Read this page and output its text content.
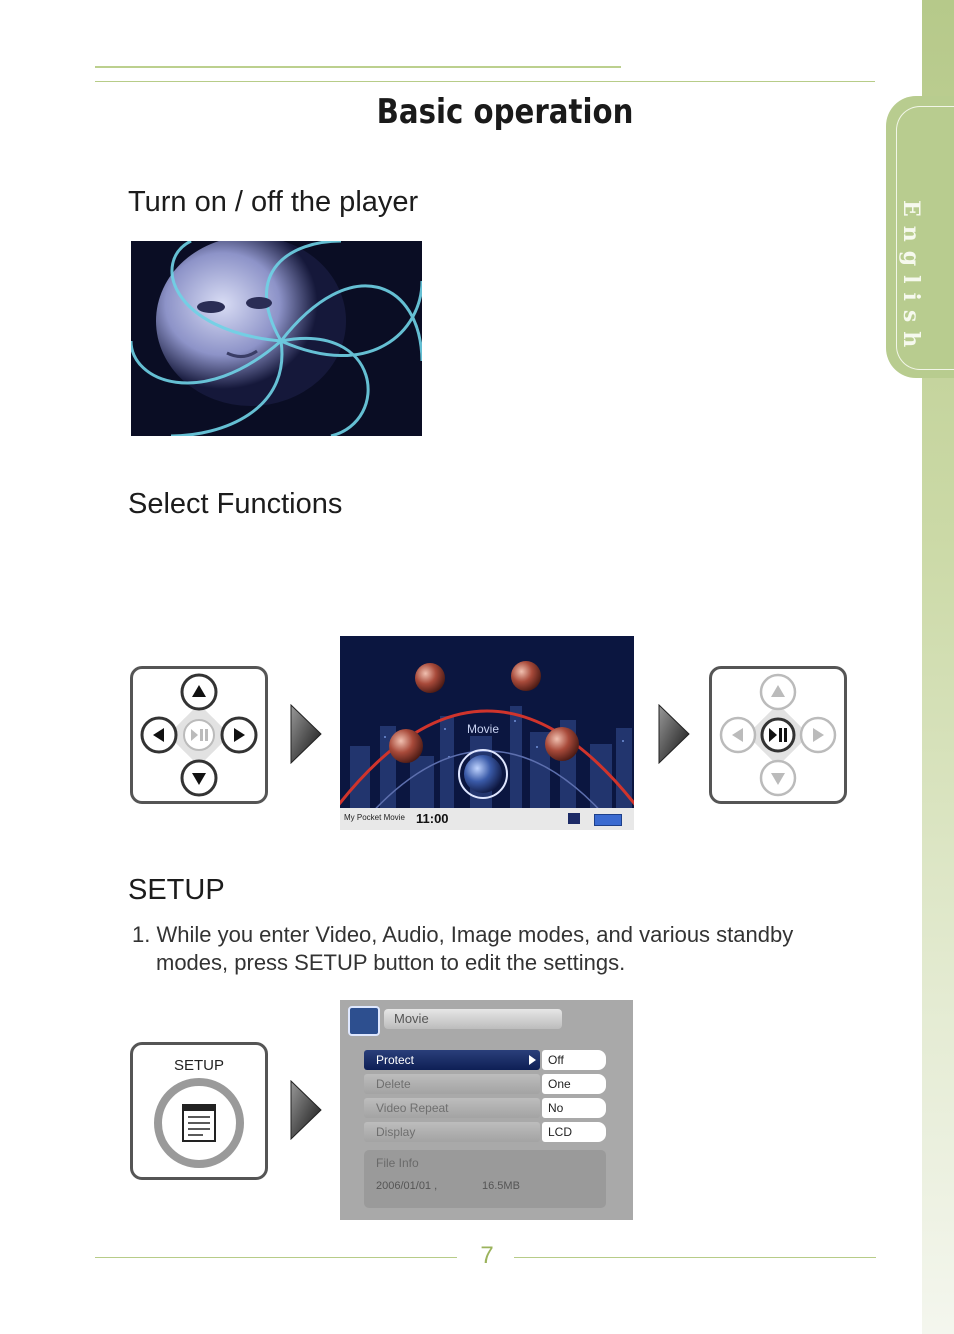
English
Basic operation
Turn on / off the player
Select Functions
Movie
My Pocket Movie 11:00
SETUP
1. While you enter Video, Audio, Image modes, and various standby
modes, press SETUP button to edit the settings.
SETUP
Movie
Protect	Off
Delete	One
Video Repeat	No
Display	LCD
File Info
2006/01/01 ,	16.5MB
7
